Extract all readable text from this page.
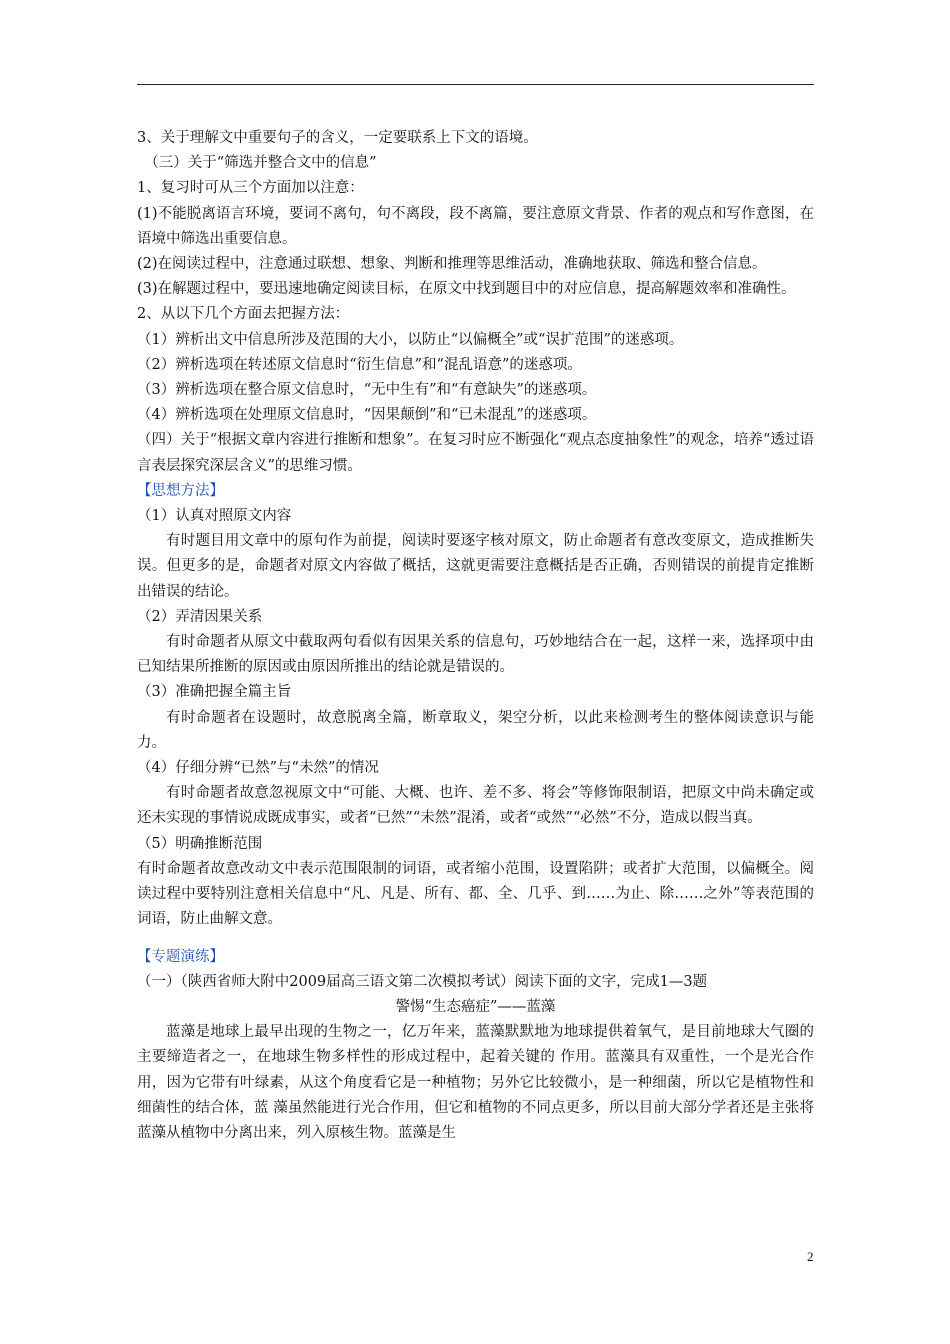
3、关于理解文中重要句子的含义，一定要联系上下文的语境。

（三）关于“筛选并整合文中的信息”

1、复习时可从三个方面加以注意：

(1)不能脱离语言环境，要词不离句，句不离段，段不离篇，要注意原文背景、作者的观点和写作意图，在语境中筛选出重要信息。

(2)在阅读过程中，注意通过联想、想象、判断和推理等思维活动，准确地获取、筛选和整合信息。

(3)在解题过程中，要迅速地确定阅读目标，在原文中找到题目中的对应信息，提高解题效率和准确性。

2、从以下几个方面去把握方法：

（1）辨析出文中信息所涉及范围的大小，以防止“以偏概全”或“误扩范围”的迷惑项。

（2）辨析选项在转述原文信息时“衍生信息”和“混乱语意”的迷惑项。

（3）辨析选项在整合原文信息时，“无中生有”和“有意缺失”的迷惑项。

（4）辨析选项在处理原文信息时，“因果颠倒”和“已未混乱”的迷惑项。

（四）关于“根据文章内容进行推断和想象”。在复习时应不断强化“观点态度抽象性”的观念，培养“透过语言表层探究深层含义”的思维习惯。

【思想方法】

（1）认真对照原文内容

有时题目用文章中的原句作为前提，阅读时要逐字核对原文，防止命题者有意改变原文，造成推断失误。但更多的是，命题者对原文内容做了概括，这就更需要注意概括是否正确，否则错误的前提肯定推断出错误的结论。

（2）弄清因果关系

有时命题者从原文中截取两句看似有因果关系的信息句，巧妙地结合在一起，这样一来，选择项中由已知结果所推断的原因或由原因所推出的结论就是错误的。

（3）准确把握全篇主旨

有时命题者在设题时，故意脱离全篇，断章取义，架空分析，以此来检测考生的整体阅读意识与能力。

（4）仔细分辨“已然”与“未然”的情况

有时命题者故意忽视原文中“可能、大概、也许、差不多、将会”等修饰限制语，把原文中尚未确定或还未实现的事情说成既成事实，或者“已然”“未然”混淆，或者“或然”“必然”不分，造成以假当真。

（5）明确推断范围

有时命题者故意改动文中表示范围限制的词语，或者缩小范围，设置陷阱；或者扩大范围，以偏概全。阅读过程中要特别注意相关信息中“凡、凡是、所有、都、全、几乎、到……为止、除……之外”等表范围的词语，防止曲解文意。

【专题演练】

（一）（陕西省师大附中2009届高三语文第二次模拟考试）阅读下面的文字，完成1—3题

警惕“生态癌症”——蓝藻

蓝藻是地球上最早出现的生物之一，亿万年来，蓝藻默默地为地球提供着氧气，是目前地球大气圈的主要缔造者之一，在地球生物多样性的形成过程中，起着关键的 作用。蓝藻具有双重性，一个是光合作用，因为它带有叶绿素，从这个角度看它是一种植物；另外它比较微小，是一种细菌，所以它是植物性和细菌性的结合体，蓝 藻虽然能进行光合作用，但它和植物的不同点更多，所以目前大部分学者还是主张将蓝藻从植物中分离出来，列入原核生物。蓝藻是生

2
